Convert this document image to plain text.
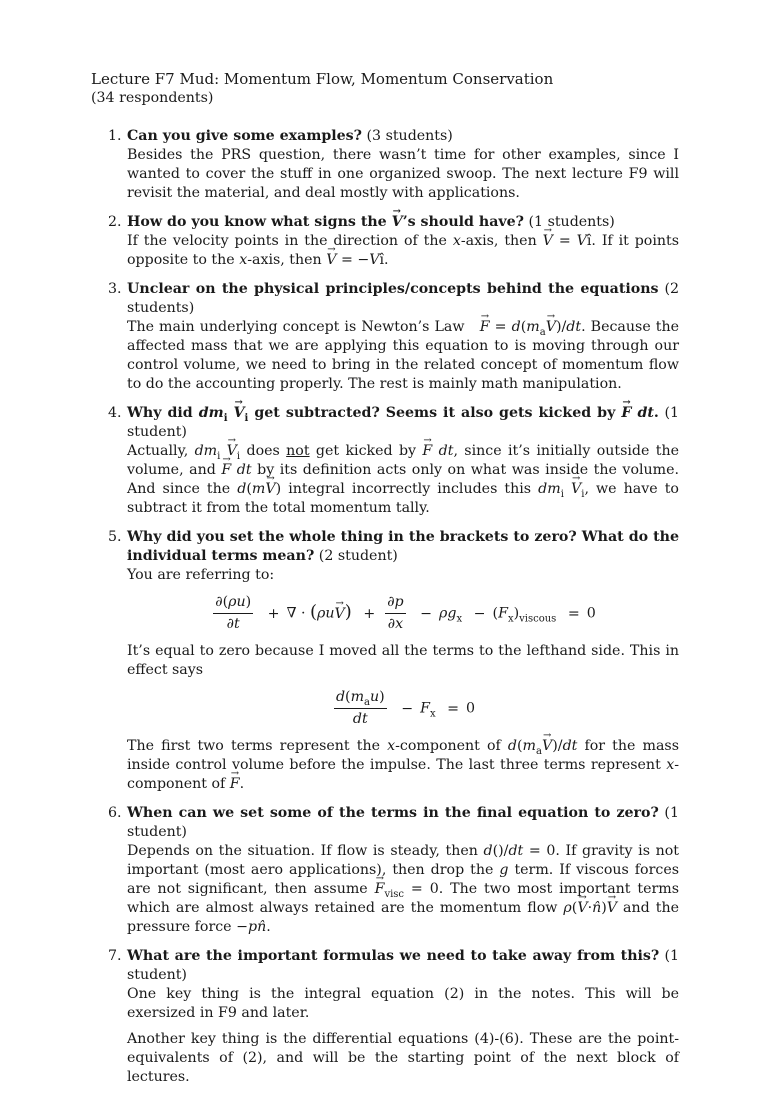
Lecture F7 Mud: Momentum Flow, Momentum Conservation
(34 respondents)
1. Can you give some examples? (3 students)

Besides the PRS question, there wasn’t time for other examples, since I wanted to cover the stuff in one organized swoop. The next lecture F9 will revisit the material, and deal mostly with applications.

2. How do you know what signs the → V’s should have? (1 students)

If the velocity points in the direction of the x-axis, then → V = Vî. If it points opposite to the x-axis, then → V = −Vî.

3. Unclear on the physical principles/concepts behind the equations (2 students)

The main underlying concept is Newton’s Law → $F = d(m_a\to V)/dt$. Because the affected mass that we are applying this equation to is moving through our control volume, we need to bring in the related concept of momentum flow to do the accounting properly. The rest is mainly math manipulation.

4. Why did $dm_i \to V_i$ get subtracted? Seems it also gets kicked by → F dt. (1 student)

Actually, $dm_i \to V_i$ does not get kicked by → F dt, since it’s initially outside the volume, and → F dt by its definition acts only on what was inside the volume. And since the d(m→ V) integral incorrectly includes this $dm_i \to V_i$, we have to subtract it from the total momentum tally.

5. Why did you set the whole thing in the brackets to zero? What do the individual terms mean? (2 student)

You are referring to:

$\frac{\partial(\rho u)}{\partial t}$ + ∇ · $(\rho u\to V) + \frac{\partial p}{\partial x} - \rho g_x - (F_x)_{viscous} = 0$

It’s equal to zero because I moved all the terms to the lefthand side. This in effect says

$\frac{d(m_au)}{dt} - F_x = 0$

The first two terms represent the x-component of $d(m_a\to V)/dt$ for the mass inside control volume before the impulse. The last three terms represent x-component of → F.

6. When can we set some of the terms in the final equation to zero? (1 student)

Depends on the situation. If flow is steady, then d()/dt = 0. If gravity is not important (most aero applications), then drop the g term. If viscous forces are not significant, then assume → $F_{visc} = 0$. The two most important terms which are almost always retained are the momentum flow ρ(→ V·n̂)→ V and the pressure force −pn̂.

7. What are the important formulas we need to take away from this? (1 student)

One key thing is the integral equation (2) in the notes. This will be exersized in F9 and later.

Another key thing is the differential equations (4)-(6). These are the point-equivalents of (2), and will be the starting point of the next block of lectures.
